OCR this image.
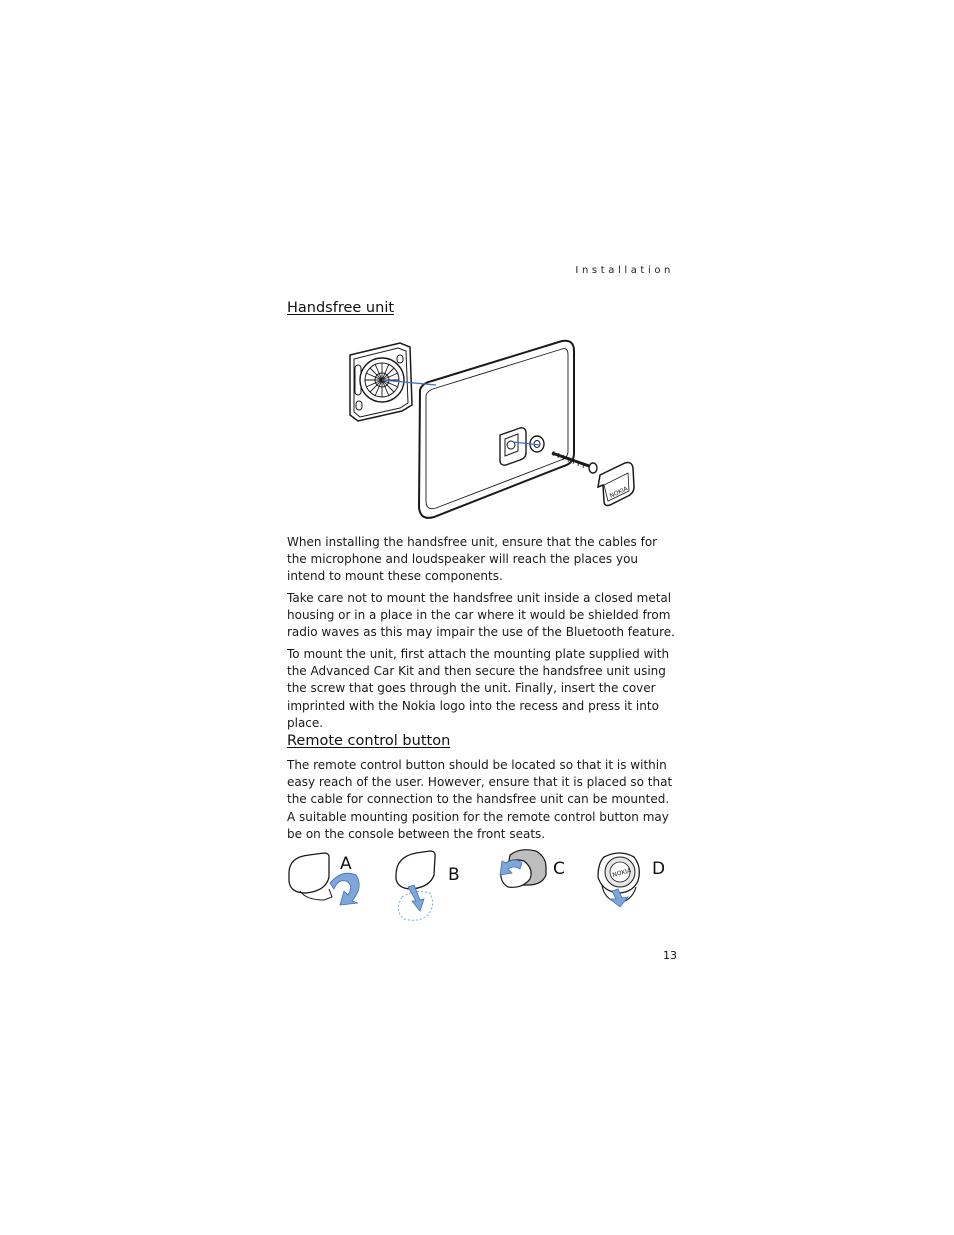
Installation
Handsfree unit
NOKIA

When installing the handsfree unit, ensure that the cables for the microphone and loudspeaker will reach the places you intend to mount these components.

Take care not to mount the handsfree unit inside a closed metal housing or in a place in the car where it would be shielded from radio waves as this may impair the use of the Bluetooth feature.

To mount the unit, first attach the mounting plate supplied with the Advanced Car Kit and then secure the handsfree unit using the screw that goes through the unit. Finally, insert the cover imprinted with the Nokia logo into the recess and press it into place.

Remote control button

The remote control button should be located so that it is within easy reach of the user. However, ensure that it is placed so that the cable for connection to the handsfree unit can be mounted. A suitable mounting position for the remote control button may be on the console between the front seats.

A
B	C	NOKIA D
13
